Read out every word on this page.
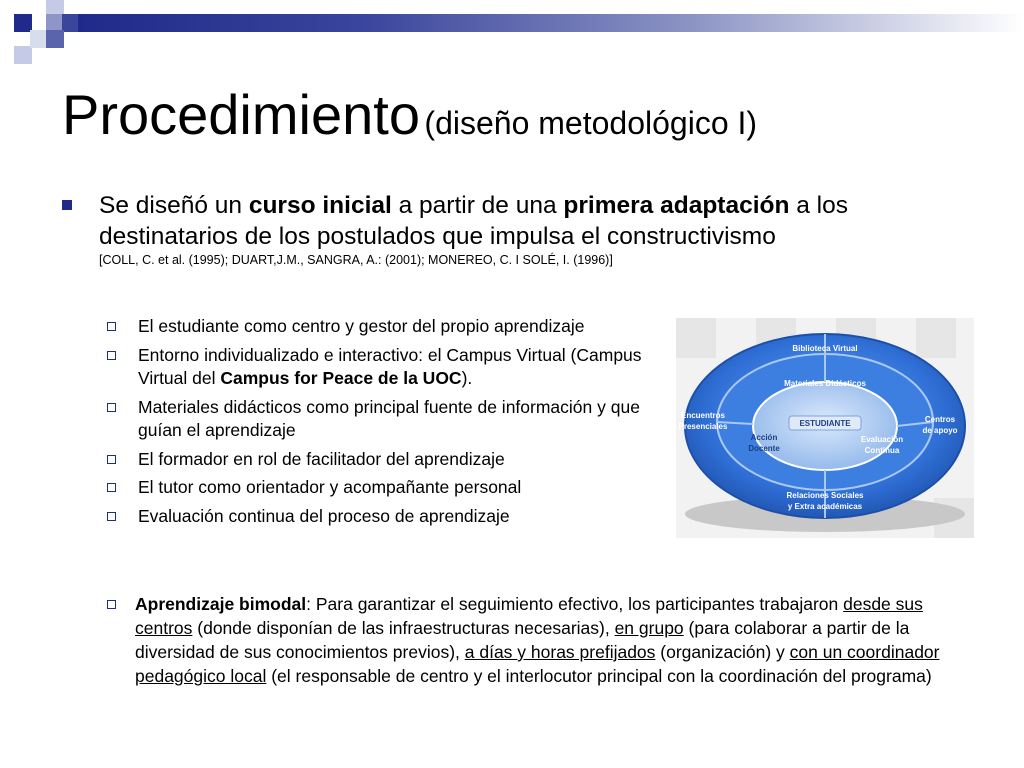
Procedimiento (diseño metodológico I)
Se diseñó un curso inicial a partir de una primera adaptación a los destinatarios de los postulados que impulsa el constructivismo
[COLL, C. et al. (1995); DUART,J.M., SANGRA, A.: (2001); MONEREO, C. I SOLÉ, I. (1996)]
El estudiante como centro y gestor del propio aprendizaje
Entorno individualizado e interactivo: el Campus Virtual (Campus Virtual del Campus for Peace de la UOC).
Materiales didácticos como principal fuente de información y que guían el aprendizaje
El formador en rol de facilitador del aprendizaje
El tutor como orientador y acompañante personal
Evaluación continua del proceso de aprendizaje
Aprendizaje bimodal: Para garantizar el seguimiento efectivo, los participantes trabajaron desde sus centros (donde disponían de las infraestructuras necesarias), en grupo (para colaborar a partir de la diversidad de sus conocimientos previos), a días y horas prefijados (organización) y con un coordinador pedagógico local (el responsable de centro y el interlocutor principal con la coordinación del programa)
ESTUDIANTE
Biblioteca Virtual
Materiales Didácticos
Encuentros
Presenciales
Acción
Docente
Evaluación
Continua
Centros
de apoyo
Relaciones Sociales
y Extra académicas
